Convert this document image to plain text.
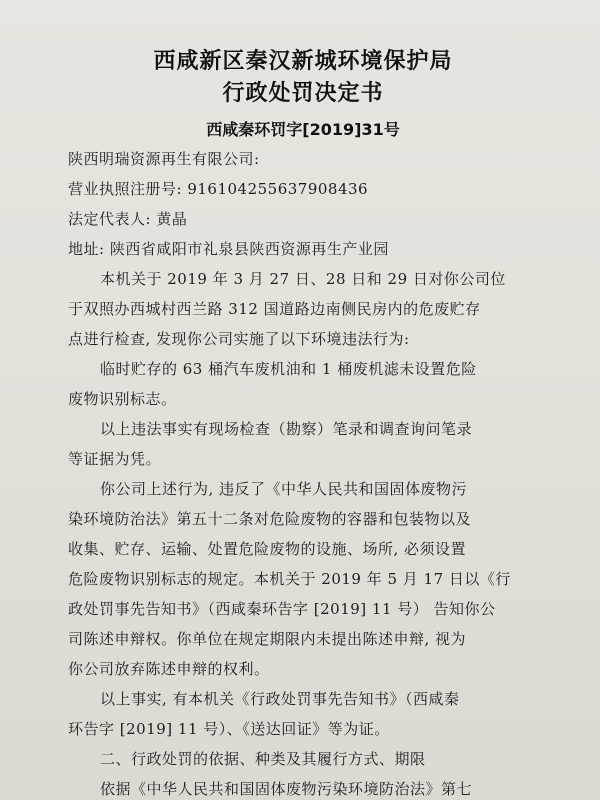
西咸新区秦汉新城环境保护局
行政处罚决定书
西咸秦环罚字[2019]31号
陕西明瑞资源再生有限公司:
营业执照注册号: 916104255637908436
法定代表人: 黄晶
地址: 陕西省咸阳市礼泉县陕西资源再生产业园
本机关于 2019 年 3 月 27 日、28 日和 29 日对你公司位
于双照办西城村西兰路 312 国道路边南侧民房内的危废贮存
点进行检查, 发现你公司实施了以下环境违法行为:
临时贮存的 63 桶汽车废机油和 1 桶废机滤未设置危险
废物识别标志。
以上违法事实有现场检查（勘察）笔录和调查询问笔录
等证据为凭。
你公司上述行为, 违反了《中华人民共和国固体废物污
染环境防治法》第五十二条对危险废物的容器和包装物以及
收集、贮存、运输、处置危险废物的设施、场所, 必须设置
危险废物识别标志的规定。本机关于 2019 年 5 月 17 日以《行
政处罚事先告知书》（西咸秦环告字 [2019] 11 号） 告知你公
司陈述申辩权。你单位在规定期限内未提出陈述申辩, 视为
你公司放弃陈述申辩的权利。
以上事实, 有本机关《行政处罚事先告知书》（西咸秦
环告字 [2019] 11 号）、《送达回证》等为证。
二、行政处罚的依据、种类及其履行方式、期限
依据《中华人民共和国固体废物污染环境防治法》第七
